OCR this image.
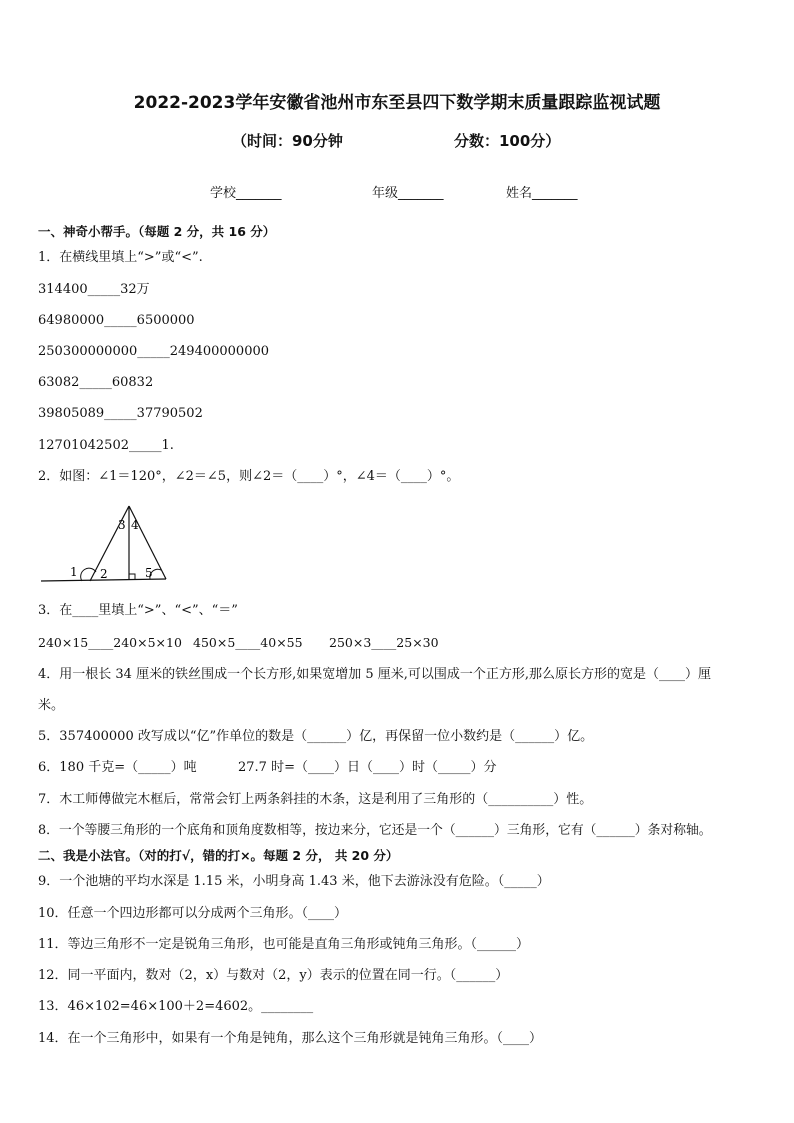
2022-2023学年安徽省池州市东至县四下数学期末质量跟踪监视试题
（时间：90分钟	分数：100分）
学校_______	年级_______	姓名_______
一、神奇小帮手。（每题 2 分，共 16 分）
1．在横线里填上“>”或“<”.
314400_____32万
64980000_____6500000
250300000000_____249400000000
63082_____60832
39805089_____37790502
12701042502_____1.
2．如图：∠1＝120°，∠2＝∠5，则∠2＝（____）°，∠4＝（____）°。
3 4
1 2	5
3．在____里填上“>”、“<”、“＝”
240×15____240×5×10 450×5____40×55 250×3____25×30
4．用一根长 34 厘米的铁丝围成一个长方形,如果宽增加 5 厘米,可以围成一个正方形,那么原长方形的宽是（____）厘
米。
5．357400000 改写成以“亿”作单位的数是（______）亿，再保留一位小数约是（______）亿。
6．180 千克=（_____）吨	27.7 时=（____）日（____）时（_____）分
7．木工师傅做完木框后，常常会钉上两条斜挂的木条，这是利用了三角形的（__________）性。
8．一个等腰三角形的一个底角和顶角度数相等，按边来分，它还是一个（______）三角形，它有（______）条对称轴。
二、我是小法官。（对的打√，错的打×。每题 2 分， 共 20 分）
9．一个池塘的平均水深是 1.15 米，小明身高 1.43 米，他下去游泳没有危险。（_____）
10．任意一个四边形都可以分成两个三角形。（____）
11．等边三角形不一定是锐角三角形，也可能是直角三角形或钝角三角形。（______）
12．同一平面内，数对（2，x）与数对（2，y）表示的位置在同一行。（______）
13．46×102=46×100＋2=4602。________
14．在一个三角形中，如果有一个角是钝角，那么这个三角形就是钝角三角形。（____）
